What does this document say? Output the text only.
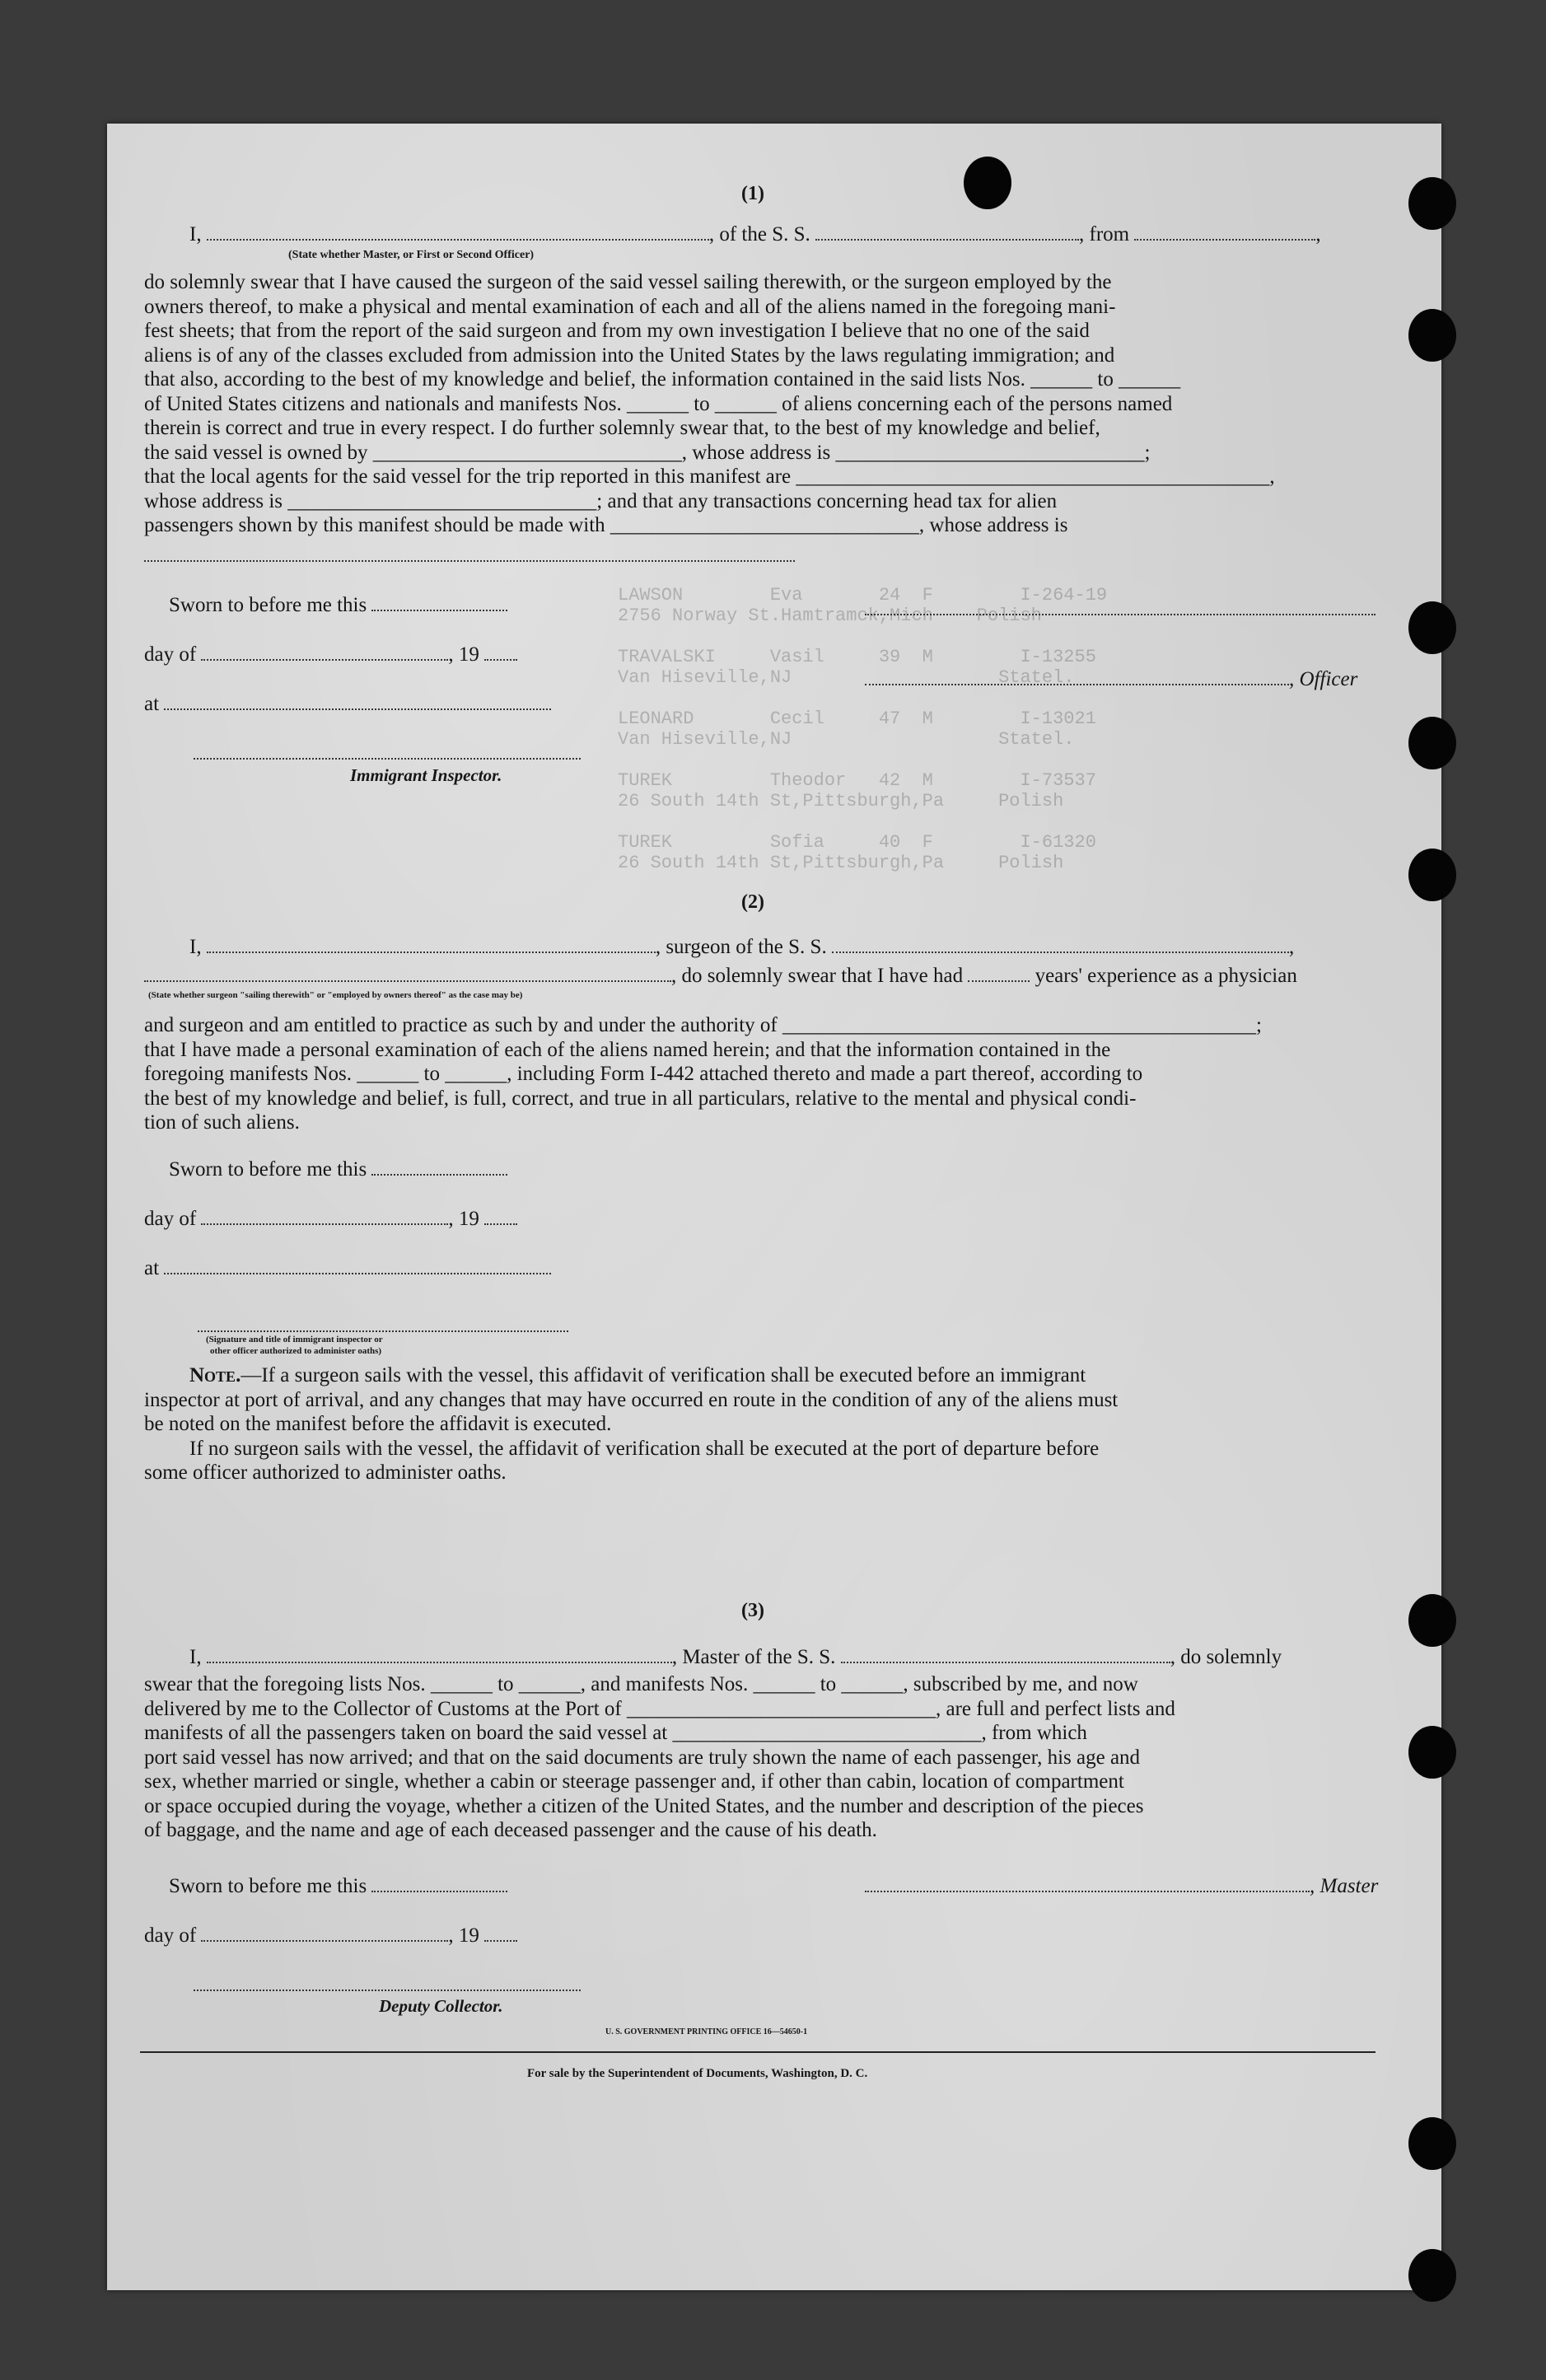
LAWSON        Eva       24  F        I-264-19
2756 Norway St.Hamtramck,Mich    Polish

TRAVALSKI     Vasil     39  M        I-13255
Van Hiseville,NJ                   Statel.

LEONARD       Cecil     47  M        I-13021
Van Hiseville,NJ                   Statel.

TUREK         Theodor   42  M        I-73537
26 South 14th St,Pittsburgh,Pa     Polish

TUREK         Sofia     40  F        I-61320
26 South 14th St,Pittsburgh,Pa     Polish
(1)
I,	, of the S. S.	, from	,
(State whether Master, or First or Second Officer)
do solemnly swear that I have caused the surgeon of the said vessel sailing therewith, or the surgeon employed by the
owners thereof, to make a physical and mental examination of each and all of the aliens named in the foregoing mani-
fest sheets; that from the report of the said surgeon and from my own investigation I believe that no one of the said
aliens is of any of the classes excluded from admission into the United States by the laws regulating immigration; and
that also, according to the best of my knowledge and belief, the information contained in the said lists Nos. ______ to ______
of United States citizens and nationals and manifests Nos. ______ to ______ of aliens concerning each of the persons named
therein is correct and true in every respect. I do further solemnly swear that, to the best of my knowledge and belief,
the said vessel is owned by ______________________________, whose address is ______________________________;
that the local agents for the said vessel for the trip reported in this manifest are ______________________________________________,
whose address is ______________________________; and that any transactions concerning head tax for alien
passengers shown by this manifest should be made with ______________________________, whose address is
Sworn to before me this
day of	, 19
at
Immigrant Inspector.
, Officer
(2)
I,	, surgeon of the S. S.	,
, do solemnly swear that I have had	years' experience as a physician
(State whether surgeon "sailing therewith" or "employed by owners thereof" as the case may be)
and surgeon and am entitled to practice as such by and under the authority of ______________________________________________;
that I have made a personal examination of each of the aliens named herein; and that the information contained in the
foregoing manifests Nos. ______ to ______, including Form I-442 attached thereto and made a part thereof, according to
the best of my knowledge and belief, is full, correct, and true in all particulars, relative to the mental and physical condi-
tion of such aliens.
Sworn to before me this
day of	, 19
at
(Signature and title of immigrant inspector or
other officer authorized to administer oaths)
Note.—If a surgeon sails with the vessel, this affidavit of verification shall be executed before an immigrant
inspector at port of arrival, and any changes that may have occurred en route in the condition of any of the aliens must
be noted on the manifest before the affidavit is executed.
If no surgeon sails with the vessel, the affidavit of verification shall be executed at the port of departure before
some officer authorized to administer oaths.
(3)
I,	, Master of the S. S.	, do solemnly
swear that the foregoing lists Nos. ______ to ______, and manifests Nos. ______ to ______, subscribed by me, and now
delivered by me to the Collector of Customs at the Port of ______________________________, are full and perfect lists and
manifests of all the passengers taken on board the said vessel at ______________________________, from which
port said vessel has now arrived; and that on the said documents are truly shown the name of each passenger, his age and
sex, whether married or single, whether a cabin or steerage passenger and, if other than cabin, location of compartment
or space occupied during the voyage, whether a citizen of the United States, and the number and description of the pieces
of baggage, and the name and age of each deceased passenger and the cause of his death.
Sworn to before me this
day of	, 19
Deputy Collector.
, Master
U. S. GOVERNMENT PRINTING OFFICE 16—54650-1
For sale by the Superintendent of Documents, Washington, D. C.
